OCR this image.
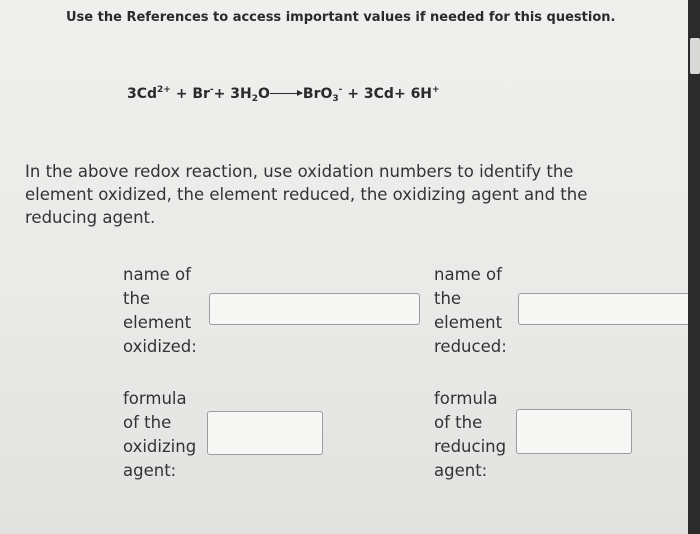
Use the References to access important values if needed for this question.
$3Cd^{2+} + Br^-+ 3H_2O\to BrO_3^- + 3Cd+ 6H^+$
In the above redox reaction, use oxidation numbers to identify the element oxidized, the element reduced, the oxidizing agent and the reducing agent.
name of
the
element
oxidized:
name of
the
element
reduced:
formula
of the
oxidizing
agent:
formula
of the
reducing
agent:
